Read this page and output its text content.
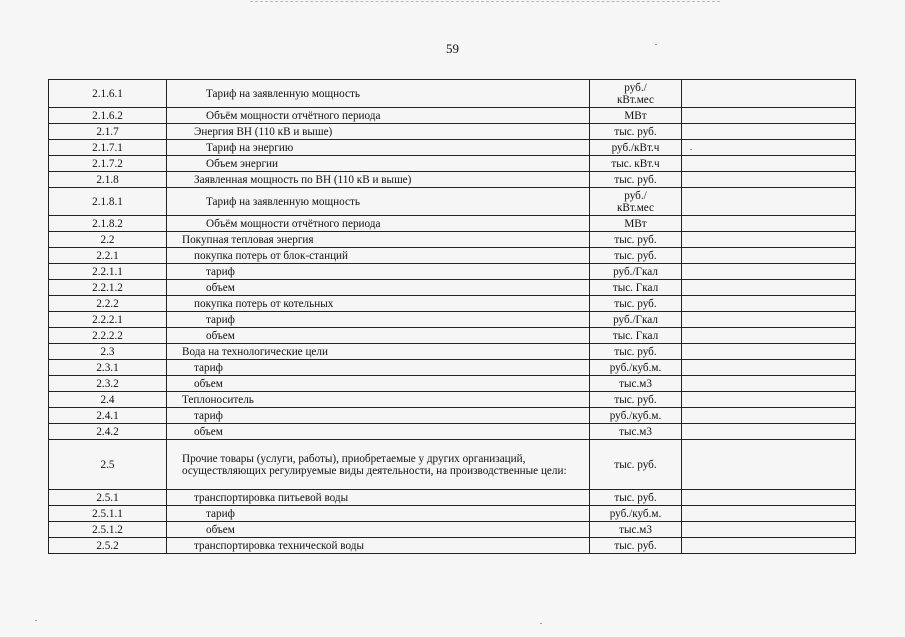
59
2.1.6.1	Тариф на заявленную мощность	руб./
кВт.мес	
2.1.6.2	Объём мощности отчётного периода	МВт	
2.1.7	Энергия ВН (110 кВ и выше)	тыс. руб.	
2.1.7.1	Тариф на энергию	руб./кВт.ч	
2.1.7.2	Объем энергии	тыс. кВт.ч	
2.1.8	Заявленная мощность по ВН (110 кВ и выше)	тыс. руб.	
2.1.8.1	Тариф на заявленную мощность	руб./
кВт.мес	
2.1.8.2	Объём мощности отчётного периода	МВт	
2.2	Покупная тепловая энергия	тыс. руб.	
2.2.1	покупка потерь от блок-станций	тыс. руб.	
2.2.1.1	тариф	руб./Гкал	
2.2.1.2	объем	тыс. Гкал	
2.2.2	покупка потерь от котельных	тыс. руб.	
2.2.2.1	тариф	руб./Гкал	
2.2.2.2	объем	тыс. Гкал	
2.3	Вода на технологические цели	тыс. руб.	
2.3.1	тариф	руб./куб.м.	
2.3.2	объем	тыс.м3	
2.4	Теплоноситель	тыс. руб.	
2.4.1	тариф	руб./куб.м.	
2.4.2	объем	тыс.м3	
2.5	Прочие товары (услуги, работы), приобретаемые у других организаций, осуществляющих регулируемые виды деятельности, на производственные цели:	тыс. руб.	
2.5.1	транспортировка питьевой воды	тыс. руб.	
2.5.1.1	тариф	руб./куб.м.	
2.5.1.2	объем	тыс.м3	
2.5.2	транспортировка технической воды	тыс. руб.	
